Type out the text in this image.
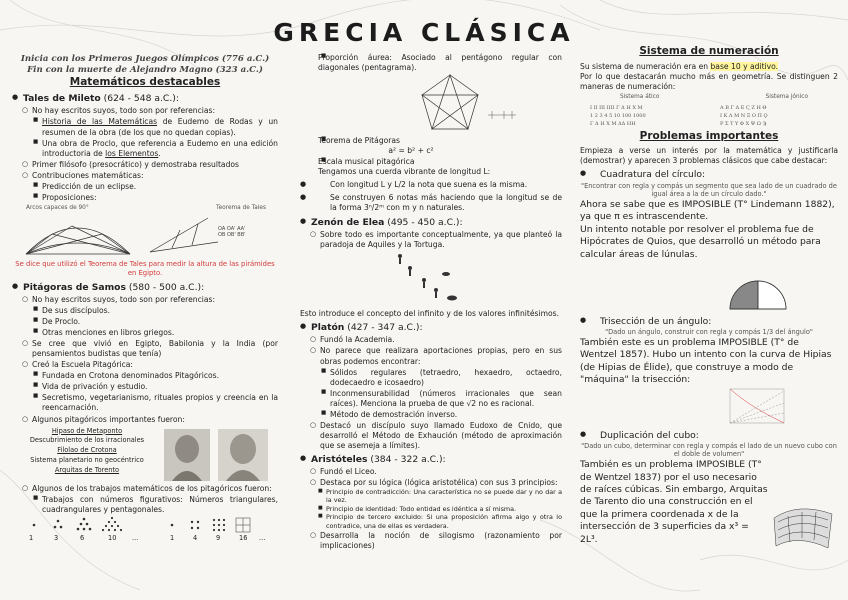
GRECIA CLÁSICA
Inicia con los Primeros Juegos Olímpicos (776 a.C.)
Fin con la muerte de Alejandro Magno (323 a.C.)
Matemáticos destacables
● Tales de Mileto (624 - 548 a.C.):
○ No hay escritos suyos, todo son por referencias:
■ Historia de las Matemáticas de Eudemo de Rodas y un resumen de la obra (de los que no quedan copias).
■ Una obra de Proclo, que referencia a Eudemo en una edición introductoria de los Elementos.
○ Primer filósofo (presocrático) y demostraba resultados
○ Contribuciones matemáticas:
■ Predicción de un eclipse.
■ Proposiciones:
Arcos capaces de 90°	Teorema de Tales
OA OA' AA'
OB OB' BB'
Se dice que utilizó el Teorema de Tales para medir la altura de las pirámides en Egipto.
● Pitágoras de Samos (580 - 500 a.C.):
○ No hay escritos suyos, todo son por referencias:
■ De sus discípulos.
■ De Proclo.
■ Otras menciones en libros griegos.
○ Se cree que vivió en Egipto, Babilonia y la India (por pensamientos budistas que tenía)
○ Creó la Escuela Pitagórica:
■ Fundada en Crotona denominados Pitagóricos.
■ Vida de privación y estudio.
■ Secretismo, vegetarianismo, rituales propios y creencia en la reencarnación.
○ Algunos pitagóricos importantes fueron:
Hipaso de Metaponto
Descubrimiento de los irracionales
Filolao de Crotona
Sistema planetario no geocéntrico
Arquitas de Torento
○ Algunos de los trabajos matemáticos de los pitagóricos fueron:
■ Trabajos con números figurativos: Números triangulares, cuadrangulares y pentagonales.
1	3	6	10 ...	1	4	9	16 ...
■ Proporción áurea: Asociado al pentágono regular con diagonales (pentagrama).
■ Teorema de Pitágoras
a² = b² + c²
■ Escala musical pitagórica
Tengamos una cuerda vibrante de longitud L:
● Con longitud L y L/2 la nota que suena es la misma.
● Se construyen 6 notas más haciendo que la longitud se de la forma 3ⁿ/2ᵐ con m y n naturales.
● Zenón de Elea (495 - 450 a.C.):
○ Sobre todo es importante conceptualmente, ya que planteó la paradoja de Aquiles y la Tortuga.
Esto introduce el concepto del infinito y de los valores infinitésimos.
● Platón (427 - 347 a.C.):
○ Fundó la Academia.
○ No parece que realizara aportaciones propias, pero en sus obras podemos encontrar:
■ Sólidos regulares (tetraedro, hexaedro, octaedro, dodecaedro e icosaedro)
■ Inconmensurabilidad (números irracionales que sean raíces). Menciona la prueba de que √2 no es racional.
■ Método de demostración inverso.
○ Destacó un discípulo suyo llamado Eudoxo de Cnido, que desarrolló el Método de Exhaución (método de aproximación que se asemeja a límites).
● Aristóteles (384 - 322 a.C.):
○ Fundó el Liceo.
○ Destaca por su lógica (lógica aristotélica) con sus 3 principios:
■ Principio de contradicción: Una característica no se puede dar y no dar a la vez.
■ Principio de identidad: Todo entidad es idéntica a sí misma.
■ Principio de tercero excluido: Si una proposición afirma algo y otra lo contradice, una de ellas es verdadera.
○ Desarrolla la noción de silogismo (razonamiento por implicaciones)
Sistema de numeración
Su sistema de numeración era en base 10 y aditivo.
Por lo que destacarán mucho más en geometría. Se distinguen 2 maneras de numeración:
Sistema ático	Sistema jónico
Ι ΙΙ ΙΙΙ ΙΙΙΙ Γ Δ Η Χ Μ
1 2 3 4 5 10 100 1000
Γ Δ Η Χ Μ ΔΔ ΗΗ
Α Β Γ Δ Ε Ϛ Ζ Η Θ
Ι Κ Λ Μ Ν Ξ Ο Π Ϙ
Ρ Σ Τ Υ Φ Χ Ψ Ω Ϡ
Problemas importantes
Empieza a verse un interés por la matemática y justificarla (demostrar) y aparecen 3 problemas clásicos que cabe destacar:
● Cuadratura del círculo:
"Encontrar con regla y compás un segmento que sea lado de un cuadrado de igual área a la de un círculo dado."
Ahora se sabe que es IMPOSIBLE (T° Lindemann 1882), ya que π es intrascendente.
Un intento notable por resolver el problema fue de Hipócrates de Quios, que desarrolló un método para calcular áreas de lúnulas.
● Trisección de un ángulo:
"Dado un ángulo, construir con regla y compás 1/3 del ángulo"
También este es un problema IMPOSIBLE (T° de Wentzel 1857). Hubo un intento con la curva de Hipias (de Hipias de Élide), que construye a modo de "máquina" la trisección:
● Duplicación del cubo:
"Dado un cubo, determinar con regla y compás el lado de un nuevo cubo con el doble de volumen"
También es un problema IMPOSIBLE (T° de Wentzel 1837) por el uso necesario de raíces cúbicas. Sin embargo, Arquitas de Tarento dio una construcción en el que la primera coordenada x de la intersección de 3 superficies da x³ = 2L³.
